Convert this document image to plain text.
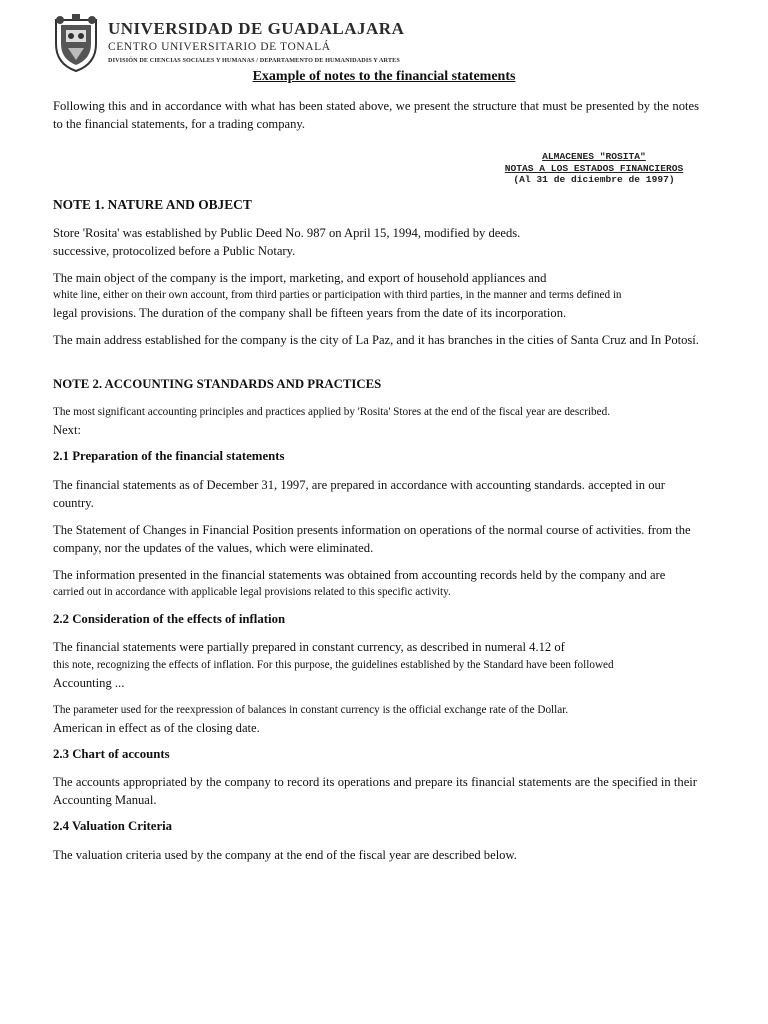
UNIVERSIDAD DE GUADALAJARA
CENTRO UNIVERSITARIO DE TONALÁ
DIVISIÓN DE CIENCIAS SOCIALES Y HUMANAS / DEPARTAMENTO DE HUMANIDADIS Y ARTES
Example of notes to the financial statements

Following this and in accordance with what has been stated above, we present the structure that must be presented by the notes to the financial statements, for a trading company.

ALMACENES "ROSITA"
NOTAS A LOS ESTADOS FINANCIEROS
(Al 31 de diciembre de 1997)
NOTE 1. NATURE AND OBJECT

Store 'Rosita' was established by Public Deed No. 987 on April 15, 1994, modified by deeds. successive, protocolized before a Public Notary.

The main object of the company is the import, marketing, and export of household appliances and

white line, either on their own account, from third parties or participation with third parties, in the manner and terms defined in

legal provisions. The duration of the company shall be fifteen years from the date of its incorporation.

The main address established for the company is the city of La Paz, and it has branches in the cities of Santa Cruz and In Potosí.

NOTE 2. ACCOUNTING STANDARDS AND PRACTICES

The most significant accounting principles and practices applied by 'Rosita' Stores at the end of the fiscal year are described.

Next:

2.1 Preparation of the financial statements

The financial statements as of December 31, 1997, are prepared in accordance with accounting standards. accepted in our country.

The Statement of Changes in Financial Position presents information on operations of the normal course of activities. from the company, nor the updates of the values, which were eliminated.

The information presented in the financial statements was obtained from accounting records held by the company and are

carried out in accordance with applicable legal provisions related to this specific activity.

2.2 Consideration of the effects of inflation

The financial statements were partially prepared in constant currency, as described in numeral 4.12 of

this note, recognizing the effects of inflation. For this purpose, the guidelines established by the Standard have been followed

Accounting ...

The parameter used for the reexpression of balances in constant currency is the official exchange rate of the Dollar.

American in effect as of the closing date.

2.3 Chart of accounts

The accounts appropriated by the company to record its operations and prepare its financial statements are the specified in their Accounting Manual.

2.4 Valuation Criteria

The valuation criteria used by the company at the end of the fiscal year are described below.
